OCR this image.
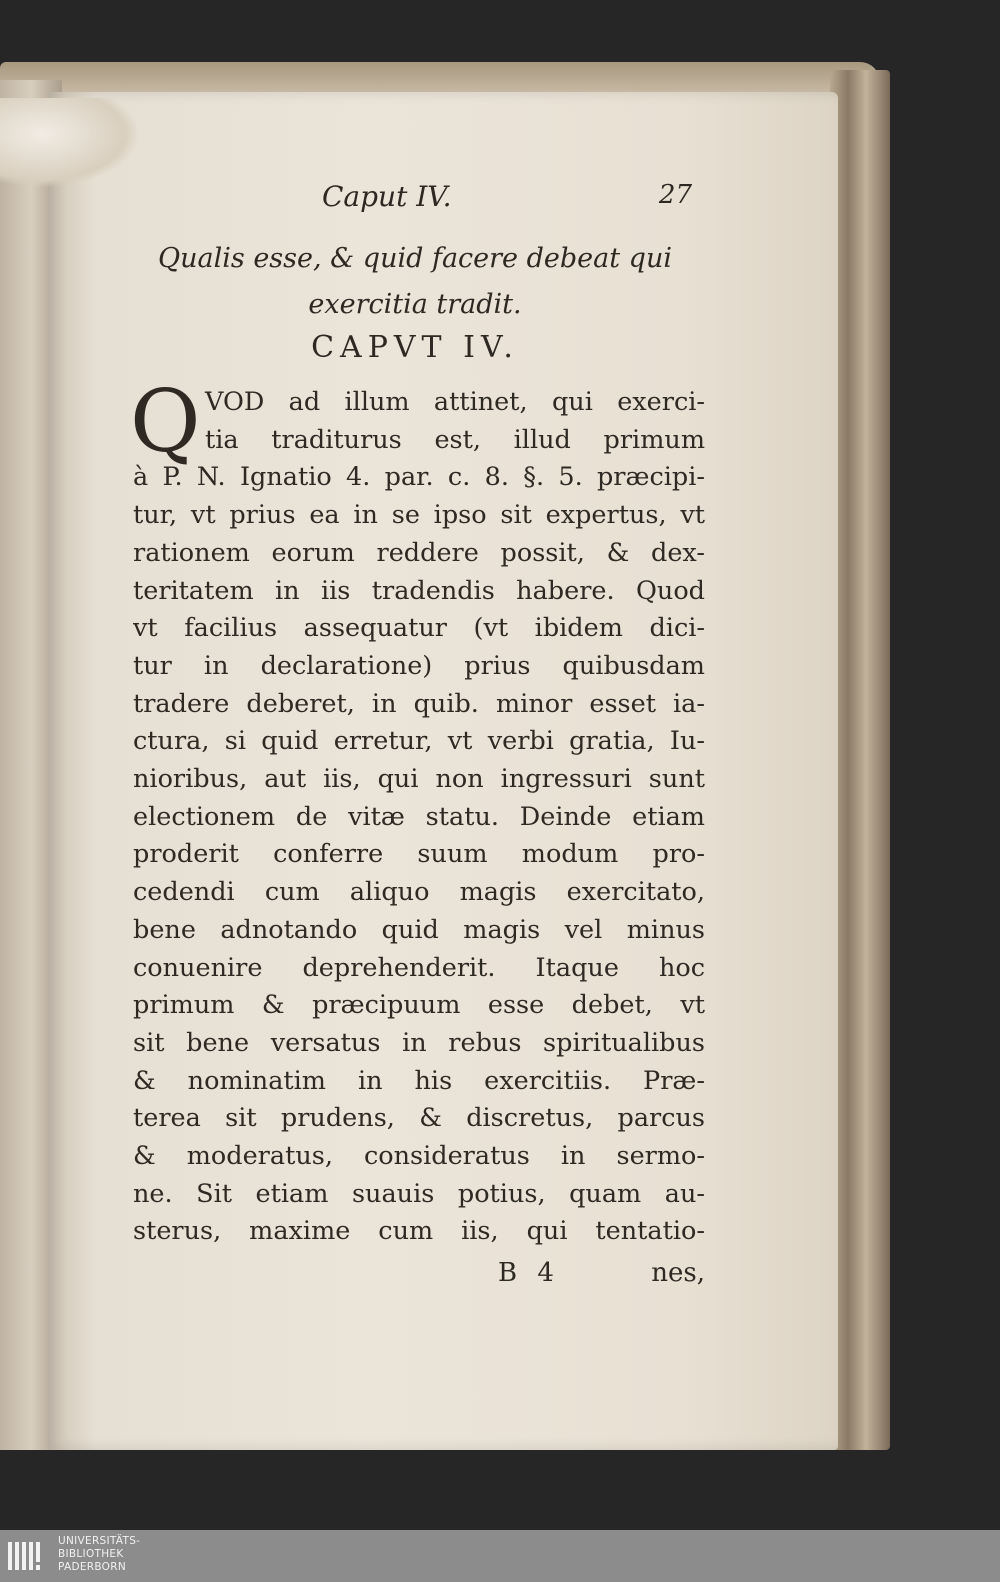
Caput IV.	27
Qualis esse, & quid facere debeat qui
exercitia tradit.
CAPVT IV.
Q VOD ad illum attinet, qui exerci-
tia traditurus est, illud primum
à P. N. Ignatio 4. par. c. 8. §. 5. præcipi-
tur, vt prius ea in se ipso sit expertus, vt
rationem eorum reddere possit, & dex-
teritatem in iis tradendis habere. Quod
vt facilius assequatur (vt ibidem dici-
tur in declaratione) prius quibusdam
tradere deberet, in quib. minor esset ia-
ctura, si quid erretur, vt verbi gratia, Iu-
nioribus, aut iis, qui non ingressuri sunt
electionem de vitæ statu. Deinde etiam
proderit conferre suum modum pro-
cedendi cum aliquo magis exercitato,
bene adnotando quid magis vel minus
conuenire deprehenderit. Itaque hoc
primum & præcipuum esse debet, vt
sit bene versatus in rebus spiritualibus
& nominatim in his exercitiis. Præ-
terea sit prudens, & discretus, parcus
& moderatus, consideratus in sermo-
ne. Sit etiam suauis potius, quam au-
sterus, maxime cum iis, qui tentatio-
B 4	nes,
UNIVERSITÄTS-
BIBLIOTHEK
PADERBORN
